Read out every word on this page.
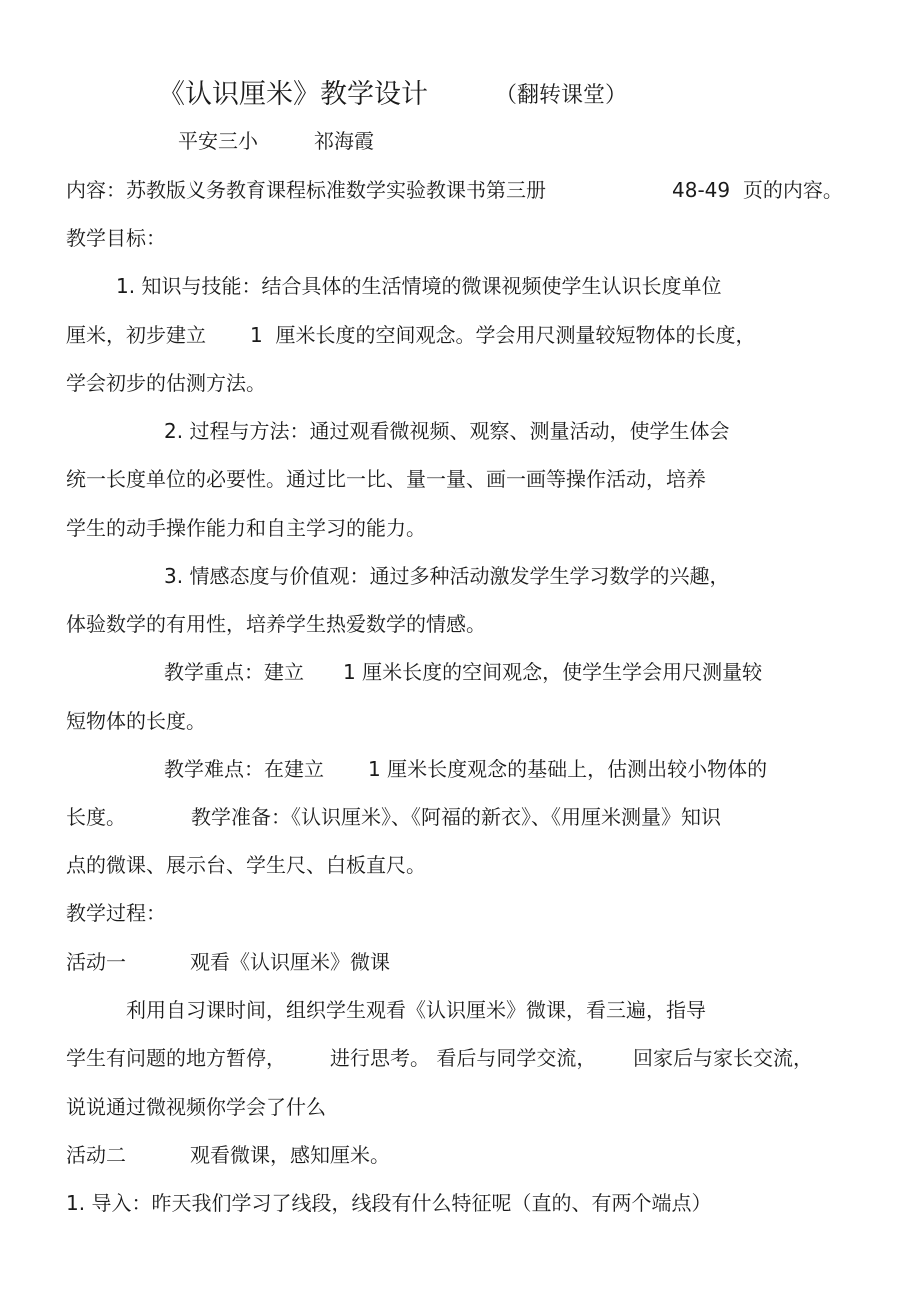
《认识厘米》教学设计	（翻转课堂）
平安三小	祁海霞
内容：苏教版义务教育课程标准数学实验教课书第三册	48-49  页的内容。
教学目标：
1. 知识与技能：结合具体的生活情境的微课视频使学生认识长度单位
厘米，初步建立 1  厘米长度的空间观念。学会用尺测量较短物体的长度，
学会初步的估测方法。
2. 过程与方法：通过观看微视频、观察、测量活动，使学生体会
统一长度单位的必要性。通过比一比、量一量、画一画等操作活动，培养
学生的动手操作能力和自主学习的能力。
3. 情感态度与价值观：通过多种活动激发学生学习数学的兴趣，
体验数学的有用性，培养学生热爱数学的情感。
教学重点：建立 1 厘米长度的空间观念，使学生学会用尺测量较
短物体的长度。
教学难点：在建立 1 厘米长度观念的基础上，估测出较小物体的
长度。	教学准备：《认识厘米》、《阿福的新衣》、《用厘米测量》知识
点的微课、展示台、学生尺、白板直尺。
教学过程：
活动一	观看《认识厘米》微课
利用自习课时间，组织学生观看《认识厘米》微课，看三遍，指导
学生有问题的地方暂停， 进行思考。 看后与同学交流， 回家后与家长交流，
说说通过微视频你学会了什么
活动二	观看微课，感知厘米。
1. 导入：昨天我们学习了线段，线段有什么特征呢（直的、有两个端点）
